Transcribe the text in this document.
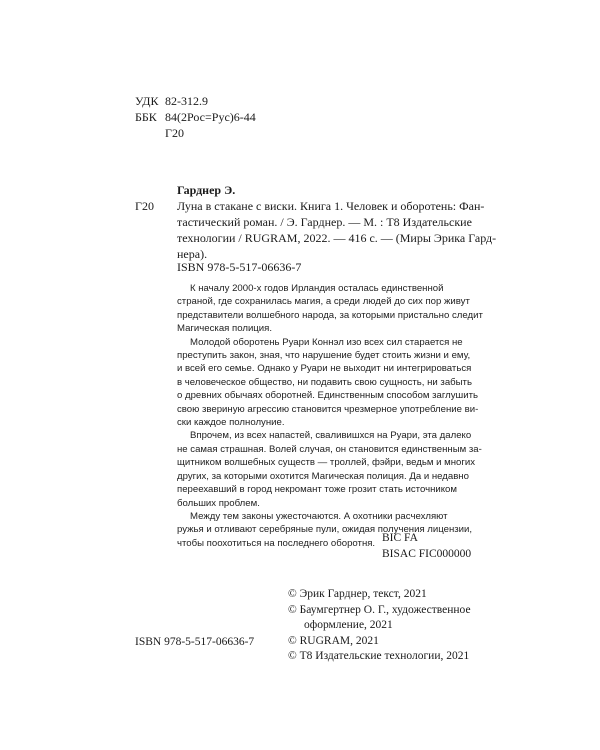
УДК 82-312.9
ББК 84(2Рос=Рус)6-44
Г20
Г20
Гарднер Э.
Луна в стакане с виски. Книга 1. Человек и оборотень: Фан-
тастический роман. / Э. Гарднер. — М. : Т8 Издательские
технологии / RUGRAM, 2022. — 416 с. — (Миры Эрика Гард-
нера).
ISBN 978-5-517-06636-7

К началу 2000-х годов Ирландия осталась единственной

страной, где сохранилась магия, а среди людей до сих пор живут

представители волшебного народа, за которыми пристально следит

Магическая полиция.

Молодой оборотень Руари Коннэл изо всех сил старается не

преступить закон, зная, что нарушение будет стоить жизни и ему,

и всей его семье. Однако у Руари не выходит ни интегрироваться

в человеческое общество, ни подавить свою сущность, ни забыть

о древних обычаях оборотней. Единственным способом заглушить

свою звериную агрессию становится чрезмерное употребление ви-

ски каждое полнолуние.

Впрочем, из всех напастей, сваливишхся на Руари, эта далеко

не самая страшная. Волей случая, он становится единственным за-

щитником волшебных существ — троллей, фэйри, ведьм и многих

других, за которыми охотится Магическая полиция. Да и недавно

переехавший в город некромант тоже грозит стать источником

больших проблем.

Между тем законы ужесточаются. А охотники расчехляют

ружья и отливают серебряные пули, ожидая получения лицензии,

чтобы поохотиться на последнего оборотня. BIC FA
BISAC FIC000000
© Эрик Гарднер, текст, 2021
© Баумгертнер О. Г., художественное
оформление, 2021
© RUGRAM, 2021
© Т8 Издательские технологии, 2021
ISBN 978-5-517-06636-7
